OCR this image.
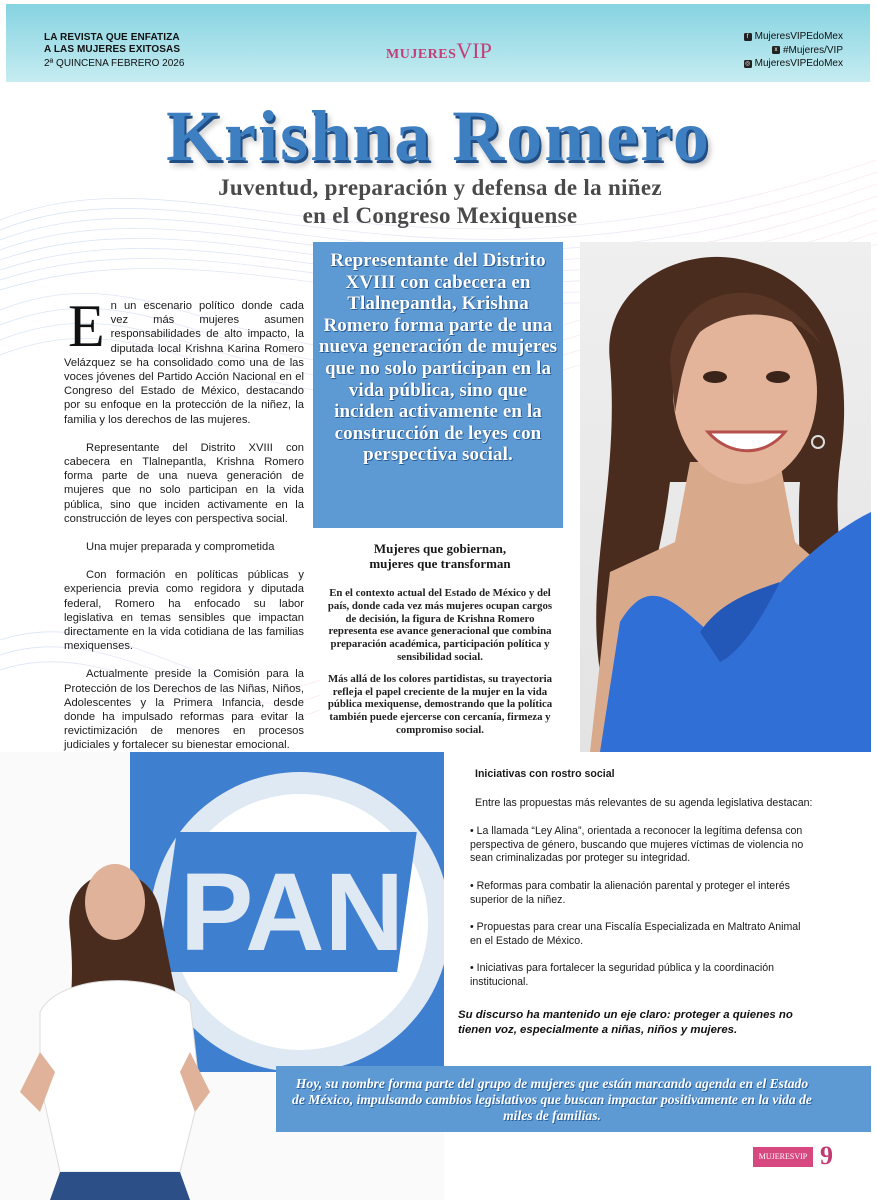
LA REVISTA QUE ENFATIZA
A LAS MUJERES EXITOSAS
2ª QUINCENA FEBRERO 2026
MUJERESVIP
f MujeresVIPEdoMex
x #Mujeres/VIP
◎ MujeresVIPEdoMex
Krishna Romero
Juventud, preparación y defensa de la niñez
en el Congreso Mexiquense

En un escenario político donde cada vez más mujeres asumen responsabilidades de alto impacto, la diputada local Krishna Karina Romero Velázquez se ha consolidado como una de las voces jóvenes del Partido Acción Nacional en el Congreso del Estado de México, destacando por su enfoque en la protección de la niñez, la familia y los derechos de las mujeres.

Representante del Distrito XVIII con cabecera en Tlalnepantla, Krishna Romero forma parte de una nueva generación de mujeres que no solo participan en la vida pública, sino que inciden activamente en la construcción de leyes con perspectiva social.

Una mujer preparada y comprometida

Con formación en políticas públicas y experiencia previa como regidora y diputada federal, Romero ha enfocado su labor legislativa en temas sensibles que impactan directamente en la vida cotidiana de las familias mexiquenses.

Actualmente preside la Comisión para la Protección de los Derechos de las Niñas, Niños, Adolescentes y la Primera Infancia, desde donde ha impulsado reformas para evitar la revictimización de menores en procesos judiciales y fortalecer su bienestar emocional.

Representante del Distrito XVIII con cabecera en Tlalnepantla, Krishna Romero forma parte de una nueva generación de mujeres que no solo participan en la vida pública, sino que inciden activamente en la construcción de leyes con perspectiva social.
Mujeres que gobiernan,
mujeres que transforman

En el contexto actual del Estado de México y del país, donde cada vez más mujeres ocupan cargos de decisión, la figura de Krishna Romero representa ese avance generacional que combina preparación académica, participación política y sensibilidad social.

Más allá de los colores partidistas, su trayectoria refleja el papel creciente de la mujer en la vida pública mexiquense, demostrando que la política también puede ejercerse con cercanía, firmeza y compromiso social.

PAN
Iniciativas con rostro social
Entre las propuestas más relevantes de su agenda legislativa destacan:
• La llamada “Ley Alina”, orientada a reconocer la legítima defensa con perspectiva de género, buscando que mujeres víctimas de violencia no sean criminalizadas por proteger su integridad.
• Reformas para combatir la alienación parental y proteger el interés superior de la niñez.
• Propuestas para crear una Fiscalía Especializada en Maltrato Animal en el Estado de México.
• Iniciativas para fortalecer la seguridad pública y la coordinación institucional.
Su discurso ha mantenido un eje claro: proteger a quienes no tienen voz, especialmente a niñas, niños y mujeres.
Hoy, su nombre forma parte del grupo de mujeres que están marcando agenda en el Estado de México, impulsando cambios legislativos que buscan impactar positivamente en la vida de miles de familias.
MUJERESVIP 9
